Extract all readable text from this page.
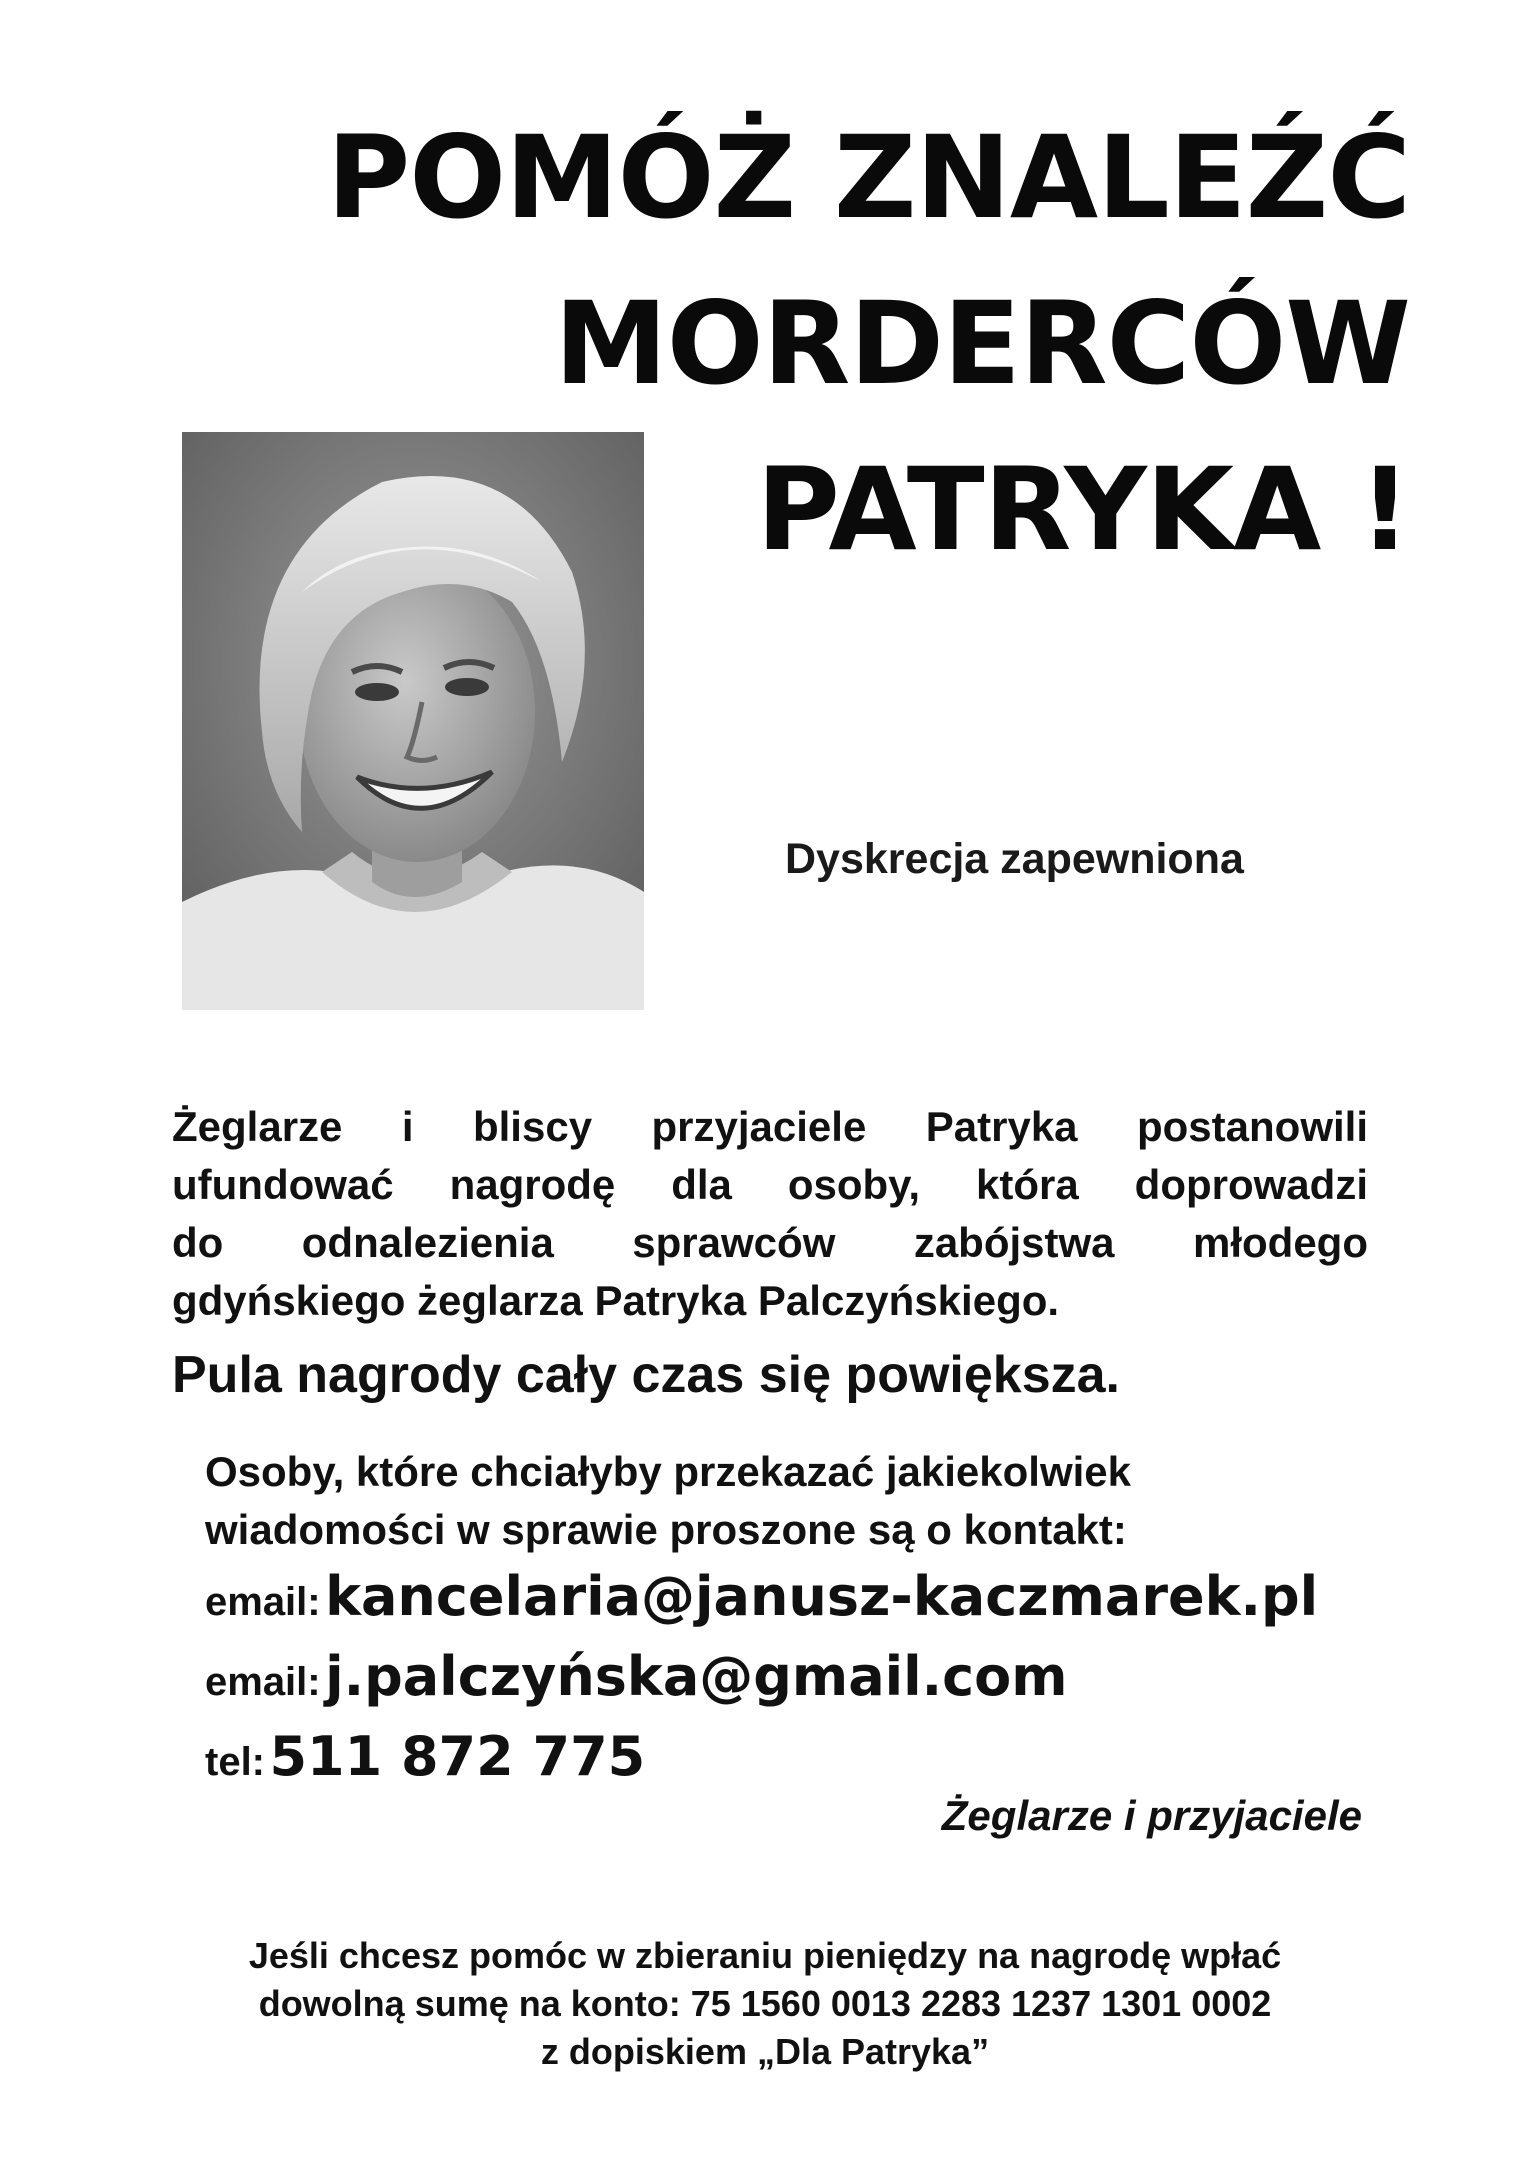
POMÓŻ ZNALEŹĆ
MORDERCÓW
PATRYKA !
Dyskrecja zapewniona
Żeglarze i bliscy przyjaciele Patryka postanowili
ufundować nagrodę dla osoby, która doprowadzi
do odnalezienia sprawców zabójstwa młodego
gdyńskiego żeglarza Patryka Palczyńskiego.
Pula nagrody cały czas się powiększa.
Osoby, które chciałyby przekazać jakiekolwiek
wiadomości w sprawie proszone są o kontakt:
email: kancelaria@janusz-kaczmarek.pl
email: j.palczyńska@gmail.com
tel: 511 872 775
Żeglarze i przyjaciele
Jeśli chcesz pomóc w zbieraniu pieniędzy na nagrodę wpłać
dowolną sumę na konto: 75 1560 0013 2283 1237 1301 0002
z dopiskiem „Dla Patryka”
